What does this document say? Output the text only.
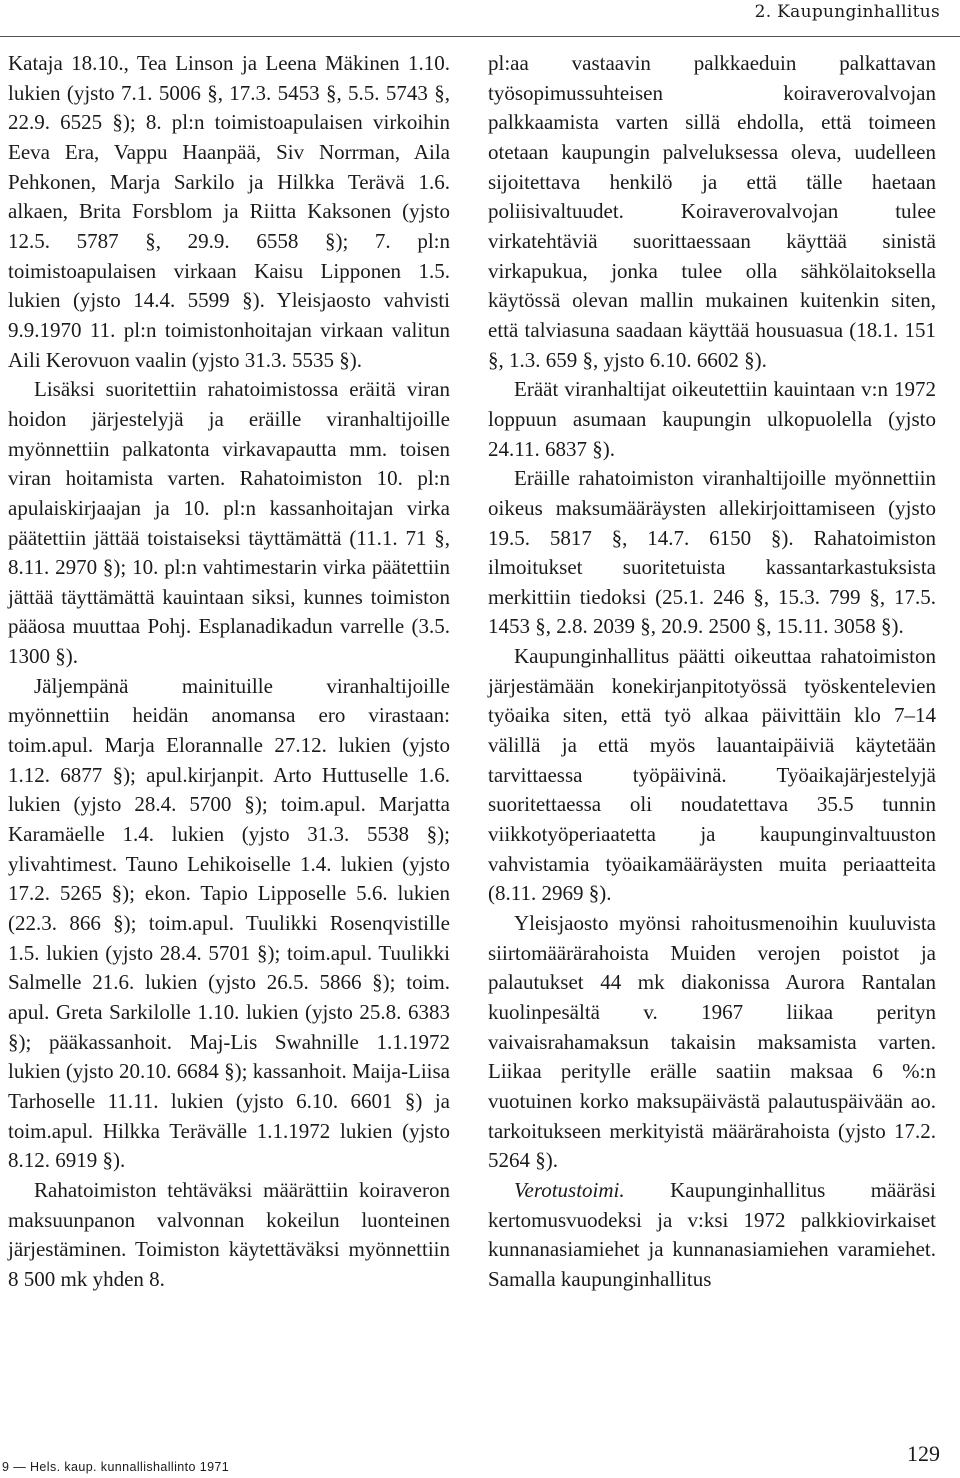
2. Kaupunginhallitus

Kataja 18.10., Tea Linson ja Leena Mäkinen 1.10. lukien (yjsto 7.1. 5006 §, 17.3. 5453 §, 5.5. 5743 §, 22.9. 6525 §); 8. pl:n toimistoapulaisen virkoihin Eeva Era, Vappu Haanpää, Siv Norrman, Aila Pehkonen, Marja Sarkilo ja Hilkka Terävä 1.6. alkaen, Brita Forsblom ja Riitta Kaksonen (yjsto 12.5. 5787 §, 29.9. 6558 §); 7. pl:n toimistoapulaisen virkaan Kaisu Lipponen 1.5. lukien (yjsto 14.4. 5599 §). Yleisjaosto vahvisti 9.9.1970 11. pl:n toimistonhoitajan virkaan valitun Aili Kerovuon vaalin (yjsto 31.3. 5535 §).

Lisäksi suoritettiin rahatoimistossa eräitä viran hoidon järjestelyjä ja eräille viranhaltijoille myönnettiin palkatonta virkavapautta mm. toisen viran hoitamista varten. Rahatoimiston 10. pl:n apulaiskirjaajan ja 10. pl:n kassanhoitajan virka päätettiin jättää toistaiseksi täyttämättä (11.1. 71 §, 8.11. 2970 §); 10. pl:n vahtimestarin virka päätettiin jättää täyttämättä kauintaan siksi, kunnes toimiston pääosa muuttaa Pohj. Esplanadikadun varrelle (3.5. 1300 §).

Jäljempänä mainituille viranhaltijoille myönnettiin heidän anomansa ero virastaan: toim.apul. Marja Elorannalle 27.12. lukien (yjsto 1.12. 6877 §); apul.kirjanpit. Arto Huttuselle 1.6. lukien (yjsto 28.4. 5700 §); toim.apul. Marjatta Karamäelle 1.4. lukien (yjsto 31.3. 5538 §); ylivahtimest. Tauno Lehikoiselle 1.4. lukien (yjsto 17.2. 5265 §); ekon. Tapio Lipposelle 5.6. lukien (22.3. 866 §); toim.apul. Tuulikki Rosenqvistille 1.5. lukien (yjsto 28.4. 5701 §); toim.apul. Tuulikki Salmelle 21.6. lukien (yjsto 26.5. 5866 §); toim. apul. Greta Sarkilolle 1.10. lukien (yjsto 25.8. 6383 §); pääkassanhoit. Maj-Lis Swahnille 1.1.1972 lukien (yjsto 20.10. 6684 §); kassanhoit. Maija-Liisa Tarhoselle 11.11. lukien (yjsto 6.10. 6601 §) ja toim.apul. Hilkka Terävälle 1.1.1972 lukien (yjsto 8.12. 6919 §).

Rahatoimiston tehtäväksi määrättiin koiraveron maksuunpanon valvonnan kokeilun luonteinen järjestäminen. Toimiston käytettäväksi myönnettiin 8 500 mk yhden 8.

pl:aa vastaavin palkkaeduin palkattavan työsopimussuhteisen koiraverovalvojan palkkaamista varten sillä ehdolla, että toimeen otetaan kaupungin palveluksessa oleva, uudelleen sijoitettava henkilö ja että tälle haetaan poliisivaltuudet. Koiraverovalvojan tulee virkatehtäviä suorittaessaan käyttää sinistä virkapukua, jonka tulee olla sähkölaitoksella käytössä olevan mallin mukainen kuitenkin siten, että talviasuna saadaan käyttää housuasua (18.1. 151 §, 1.3. 659 §, yjsto 6.10. 6602 §).

Eräät viranhaltijat oikeutettiin kauintaan v:n 1972 loppuun asumaan kaupungin ulkopuolella (yjsto 24.11. 6837 §).

Eräille rahatoimiston viranhaltijoille myönnettiin oikeus maksumääräysten allekirjoittamiseen (yjsto 19.5. 5817 §, 14.7. 6150 §). Rahatoimiston ilmoitukset suoritetuista kassantarkastuksista merkittiin tiedoksi (25.1. 246 §, 15.3. 799 §, 17.5. 1453 §, 2.8. 2039 §, 20.9. 2500 §, 15.11. 3058 §).

Kaupunginhallitus päätti oikeuttaa rahatoimiston järjestämään konekirjanpitotyössä työskentelevien työaika siten, että työ alkaa päivittäin klo 7–14 välillä ja että myös lauantaipäiviä käytetään tarvittaessa työpäivinä. Työaikajärjestelyjä suoritettaessa oli noudatettava 35.5 tunnin viikkotyöperiaatetta ja kaupunginvaltuuston vahvistamia työaikamääräysten muita periaatteita (8.11. 2969 §).

Yleisjaosto myönsi rahoitusmenoihin kuuluvista siirtomäärärahoista Muiden verojen poistot ja palautukset 44 mk diakonissa Aurora Rantalan kuolinpesältä v. 1967 liikaa perityn vaivaisrahamaksun takaisin maksamista varten. Liikaa peritylle erälle saatiin maksaa 6 %:n vuotuinen korko maksupäivästä palautuspäivään ao. tarkoitukseen merkityistä määrärahoista (yjsto 17.2. 5264 §).

Verotustoimi. Kaupunginhallitus määräsi kertomusvuodeksi ja v:ksi 1972 palkkiovirkaiset kunnanasiamiehet ja kunnanasiamiehen varamiehet. Samalla kaupunginhallitus

9 — Hels. kaup. kunnallishallinto 1971
129
